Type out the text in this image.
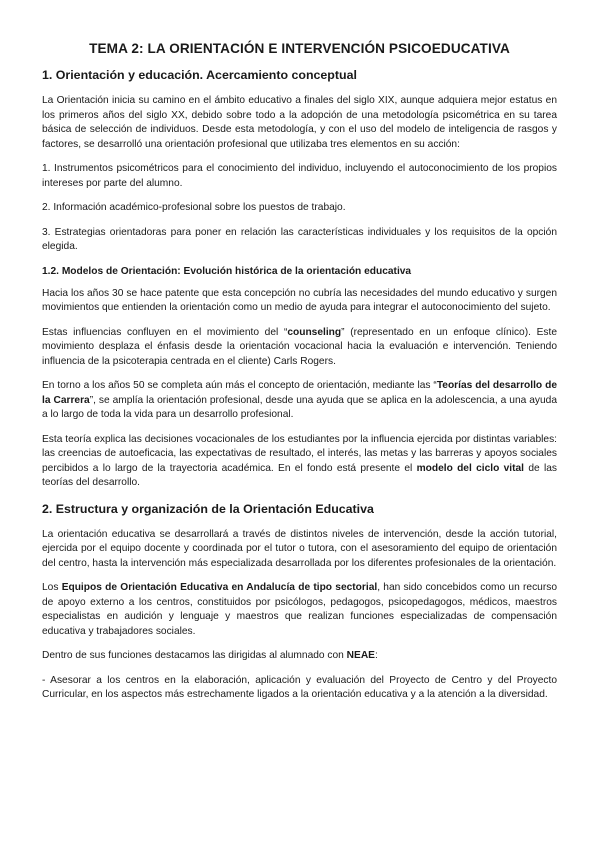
TEMA 2: LA ORIENTACIÓN E INTERVENCIÓN PSICOEDUCATIVA
1. Orientación y educación. Acercamiento conceptual
La Orientación inicia su camino en el ámbito educativo a finales del siglo XIX, aunque adquiera mejor estatus en los primeros años del siglo XX, debido sobre todo a la adopción de una metodología psicométrica en su tarea básica de selección de individuos. Desde esta metodología, y con el uso del modelo de inteligencia de rasgos y factores, se desarrolló una orientación profesional que utilizaba tres elementos en su acción:
1. Instrumentos psicométricos para el conocimiento del individuo, incluyendo el autoconocimiento de los propios intereses por parte del alumno.
2. Información académico-profesional sobre los puestos de trabajo.
3. Estrategias orientadoras para poner en relación las características individuales y los requisitos de la opción elegida.
1.2. Modelos de Orientación: Evolución histórica de la orientación educativa
Hacia los años 30 se hace patente que esta concepción no cubría las necesidades del mundo educativo y surgen movimientos que entienden la orientación como un medio de ayuda para integrar el autoconocimiento del sujeto.
Estas influencias confluyen en el movimiento del “counseling” (representado en un enfoque clínico). Este movimiento desplaza el énfasis desde la orientación vocacional hacia la evaluación e intervención. Teniendo influencia de la psicoterapia centrada en el cliente) Carls Rogers.
En torno a los años 50 se completa aún más el concepto de orientación, mediante las “Teorías del desarrollo de la Carrera”, se amplía la orientación profesional, desde una ayuda que se aplica en la adolescencia, a una ayuda a lo largo de toda la vida para un desarrollo profesional.
Esta teoría explica las decisiones vocacionales de los estudiantes por la influencia ejercida por distintas variables: las creencias de autoeficacia, las expectativas de resultado, el interés, las metas y las barreras y apoyos sociales percibidos a lo largo de la trayectoria académica. En el fondo está presente el modelo del ciclo vital de las teorías del desarrollo.
2. Estructura y organización de la Orientación Educativa
La orientación educativa se desarrollará a través de distintos niveles de intervención, desde la acción tutorial, ejercida por el equipo docente y coordinada por el tutor o tutora, con el asesoramiento del equipo de orientación del centro, hasta la intervención más especializada desarrollada por los diferentes profesionales de la orientación.
Los Equipos de Orientación Educativa en Andalucía de tipo sectorial, han sido concebidos como un recurso de apoyo externo a los centros, constituidos por psicólogos, pedagogos, psicopedagogos, médicos, maestros especialistas en audición y lenguaje y maestros que realizan funciones especializadas de compensación educativa y trabajadores sociales.
Dentro de sus funciones destacamos las dirigidas al alumnado con NEAE:
- Asesorar a los centros en la elaboración, aplicación y evaluación del Proyecto de Centro y del Proyecto Curricular, en los aspectos más estrechamente ligados a la orientación educativa y a la atención a la diversidad.
